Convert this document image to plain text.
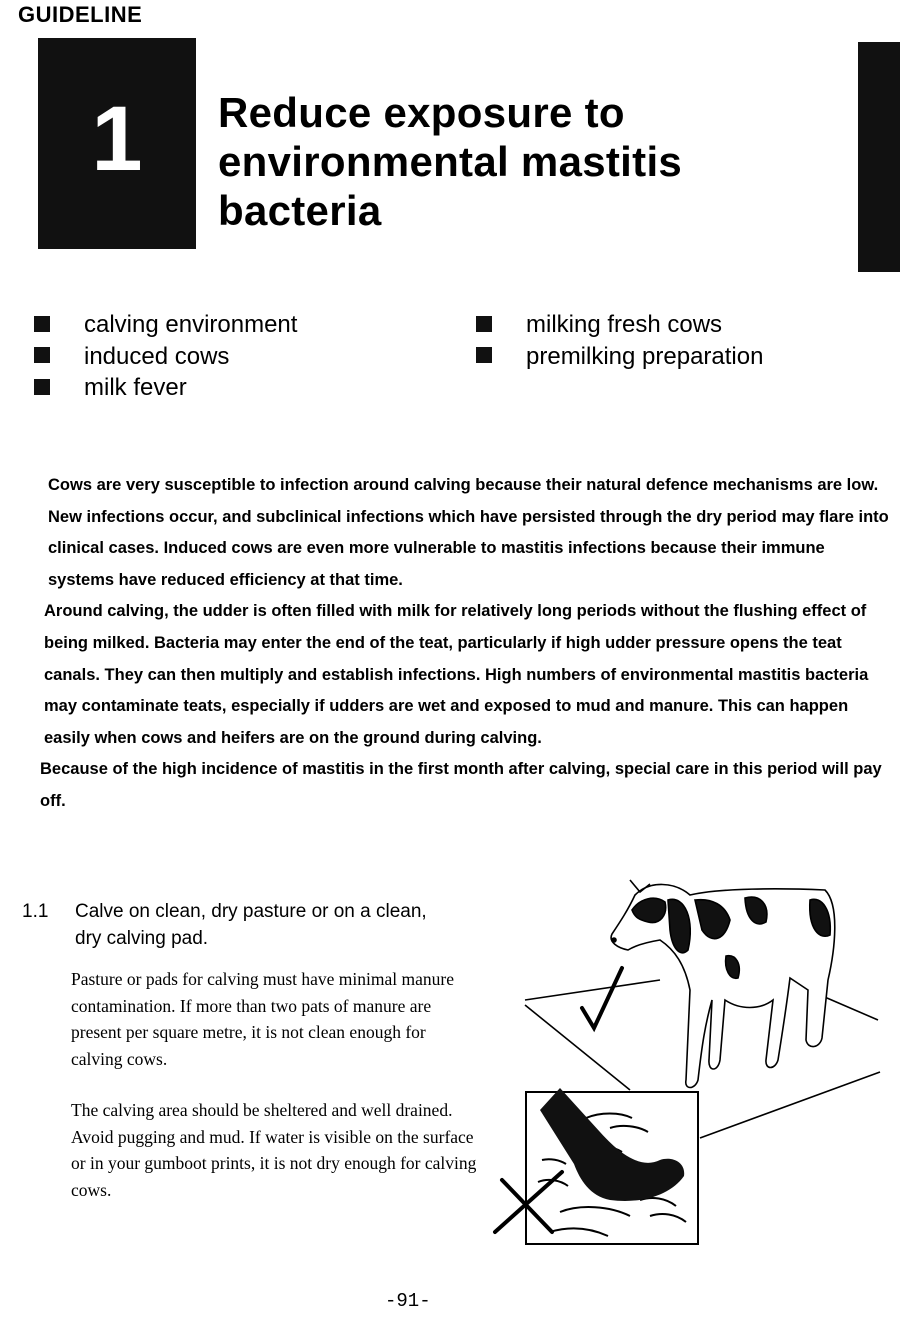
GUIDELINE
1 Reduce exposure to environmental mastitis bacteria
calving environment
induced cows
milk fever
milking fresh cows
premilking preparation

Cows are very susceptible to infection around calving because their natural defence mechanisms are low. New infections occur, and subclinical infections which have persisted through the dry period may flare into clinical cases. Induced cows are even more vulnerable to mastitis infections because their immune systems have reduced efficiency at that time.

Around calving, the udder is often filled with milk for relatively long periods without the flushing effect of being milked. Bacteria may enter the end of the teat, particularly if high udder pressure opens the teat canals. They can then multiply and establish infections. High numbers of environmental mastitis bacteria may contaminate teats, especially if udders are wet and exposed to mud and manure. This can happen easily when cows and heifers are on the ground during calving.

Because of the high incidence of mastitis in the first month after calving, special care in this period will pay off.

1.1 Calve on clean, dry pasture or on a clean, dry calving pad.

Pasture or pads for calving must have minimal manure contamination. If more than two pats of manure are present per square metre, it is not clean enough for calving cows.

The calving area should be sheltered and well drained. Avoid pugging and mud. If water is visible on the surface or in your gumboot prints, it is not dry enough for calving cows.

-91-
